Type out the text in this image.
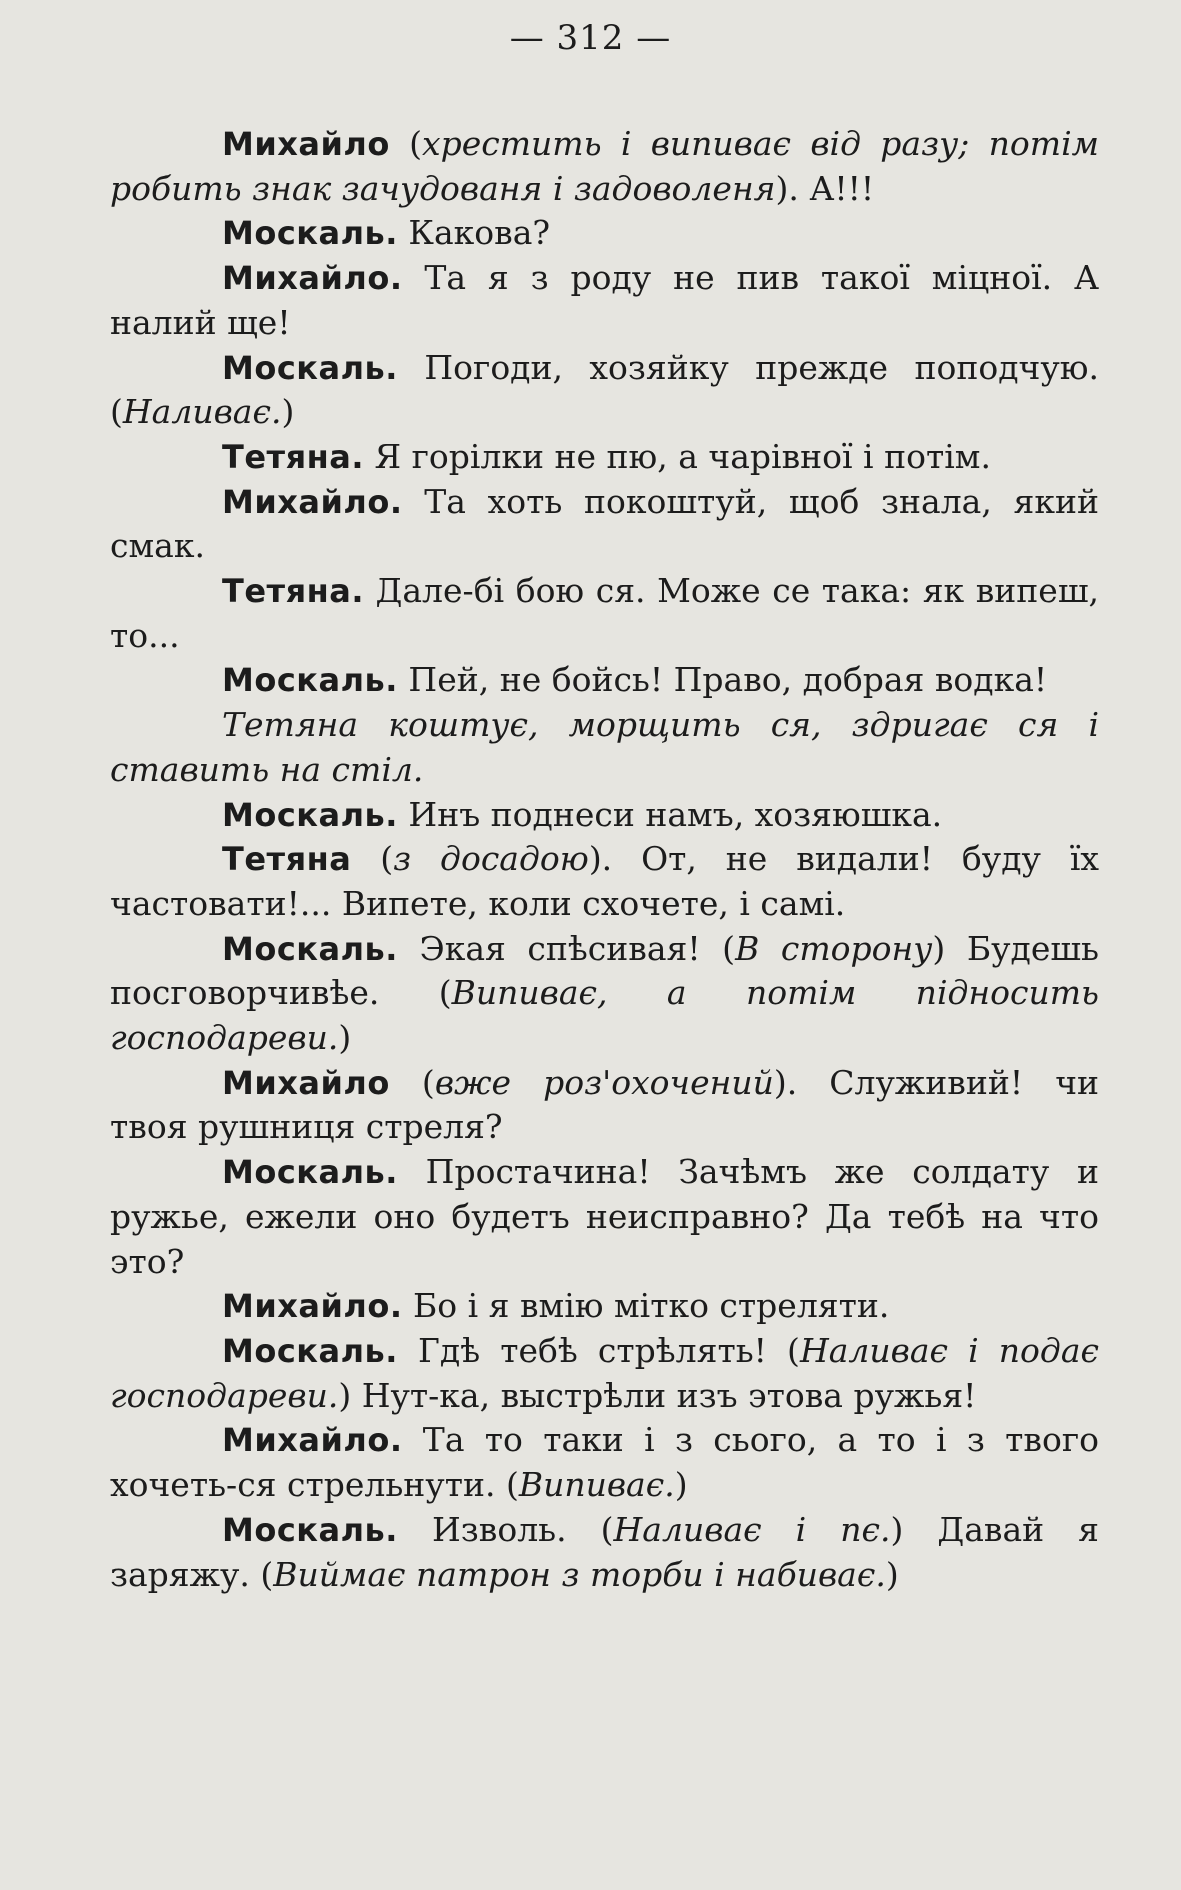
— 312 —

Михайло (хрестить і випиває від разу; потім робить знак зачудованя і задоволеня). А!!!

Москаль. Какова?

Михайло. Та я з роду не пив такої міцної. А налий ще!

Москаль. Погоди, хозяйку прежде поподчую. (Наливає.)

Тетяна. Я горілки не пю, а чарівної і потім.

Михайло. Та хоть покоштуй, щоб знала, який смак.

Тетяна. Дале-бі бою ся. Може се така: як випеш, то...

Москаль. Пей, не бойсь! Право, добрая водка!

Тетяна коштує, морщить ся, здригає ся і ставить на стіл.

Москаль. Инъ поднеси намъ, хозяюшка.

Тетяна (з досадою). От, не видали! буду їх частовати!... Випете, коли схочете, і самі.

Москаль. Экая спѣсивая! (В сторону) Будешь посговорчивѣе. (Випиває, а потім підносить господареви.)

Михайло (вже роз'охочений). Служивий! чи твоя рушниця стреля?

Москаль. Простачина! Зачѣмъ же солдату и ружье, ежели оно будетъ неисправно? Да тебѣ на что это?

Михайло. Бо і я вмію мітко стреляти.

Москаль. Гдѣ тебѣ стрѣлять! (Наливає і подає господареви.) Нут-ка, выстрѣли изъ этова ружья!

Михайло. Та то таки і з сього, а то і з твого хочеть-ся стрельнути. (Випиває.)

Москаль. Изволь. (Наливає і пє.) Давай я заряжу. (Виймає патрон з торби і набиває.)
